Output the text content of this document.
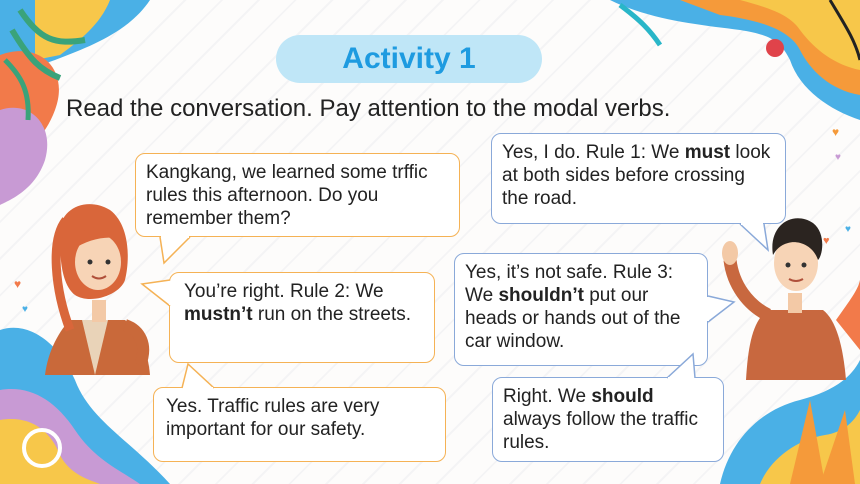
♥
♥
♥
♥
♥
♥
Activity 1
Read the conversation. Pay attention to the modal verbs.
Kangkang, we learned some trffic rules this afternoon. Do you remember them?
Yes, I do. Rule 1: We must look at both sides before crossing the road.
You’re right. Rule 2: We mustn’t run on the streets.
Yes, it’s not safe. Rule 3: We shouldn’t put our heads or hands out of the car window.
Yes. Traffic rules are very important for our safety.
Right. We should always follow the traffic rules.
